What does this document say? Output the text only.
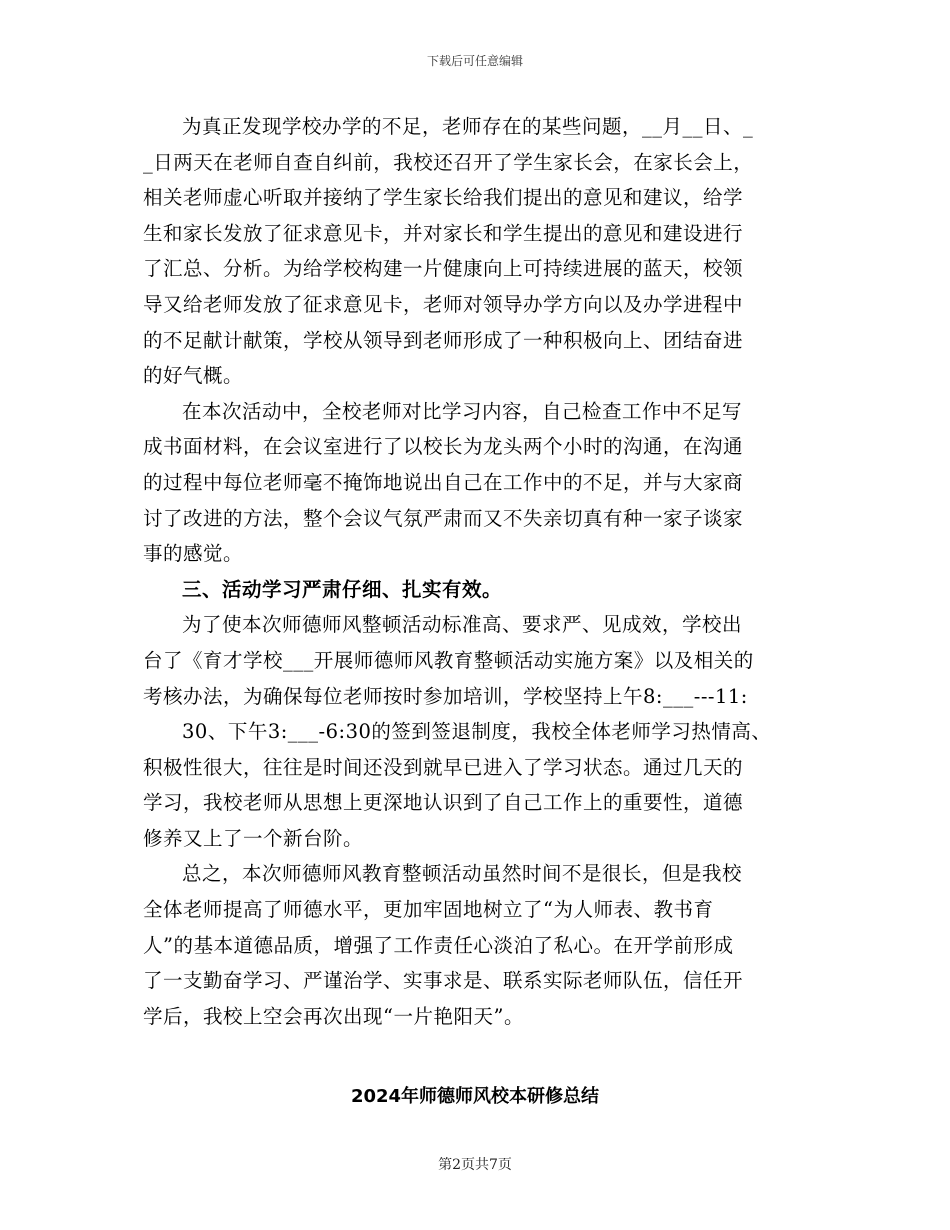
下载后可任意编辑
为真正发现学校办学的不足，老师存在的某些问题，__月__日、_
_日两天在老师自查自纠前，我校还召开了学生家长会，在家长会上，
相关老师虚心听取并接纳了学生家长给我们提出的意见和建议，给学
生和家长发放了征求意见卡，并对家长和学生提出的意见和建设进行
了汇总、分析。为给学校构建一片健康向上可持续进展的蓝天，校领
导又给老师发放了征求意见卡，老师对领导办学方向以及办学进程中
的不足献计献策，学校从领导到老师形成了一种积极向上、团结奋进
的好气概。
在本次活动中，全校老师对比学习内容，自己检查工作中不足写
成书面材料，在会议室进行了以校长为龙头两个小时的沟通，在沟通
的过程中每位老师毫不掩饰地说出自己在工作中的不足，并与大家商
讨了改进的方法，整个会议气氛严肃而又不失亲切真有种一家子谈家
事的感觉。
三、活动学习严肃仔细、扎实有效。
为了使本次师德师风整顿活动标准高、要求严、见成效，学校出
台了《育才学校___开展师德师风教育整顿活动实施方案》以及相关的
考核办法，为确保每位老师按时参加培训，学校坚持上午8:___---11:
30、下午3:___-6:30的签到签退制度，我校全体老师学习热情高、
积极性很大，往往是时间还没到就早已进入了学习状态。通过几天的
学习，我校老师从思想上更深地认识到了自己工作上的重要性，道德
修养又上了一个新台阶。
总之，本次师德师风教育整顿活动虽然时间不是很长，但是我校
全体老师提高了师德水平，更加牢固地树立了“为人师表、教书育
人”的基本道德品质，增强了工作责任心淡泊了私心。在开学前形成
了一支勤奋学习、严谨治学、实事求是、联系实际老师队伍，信任开
学后，我校上空会再次出现“一片艳阳天”。
2024年师德师风校本研修总结
第2页共7页
